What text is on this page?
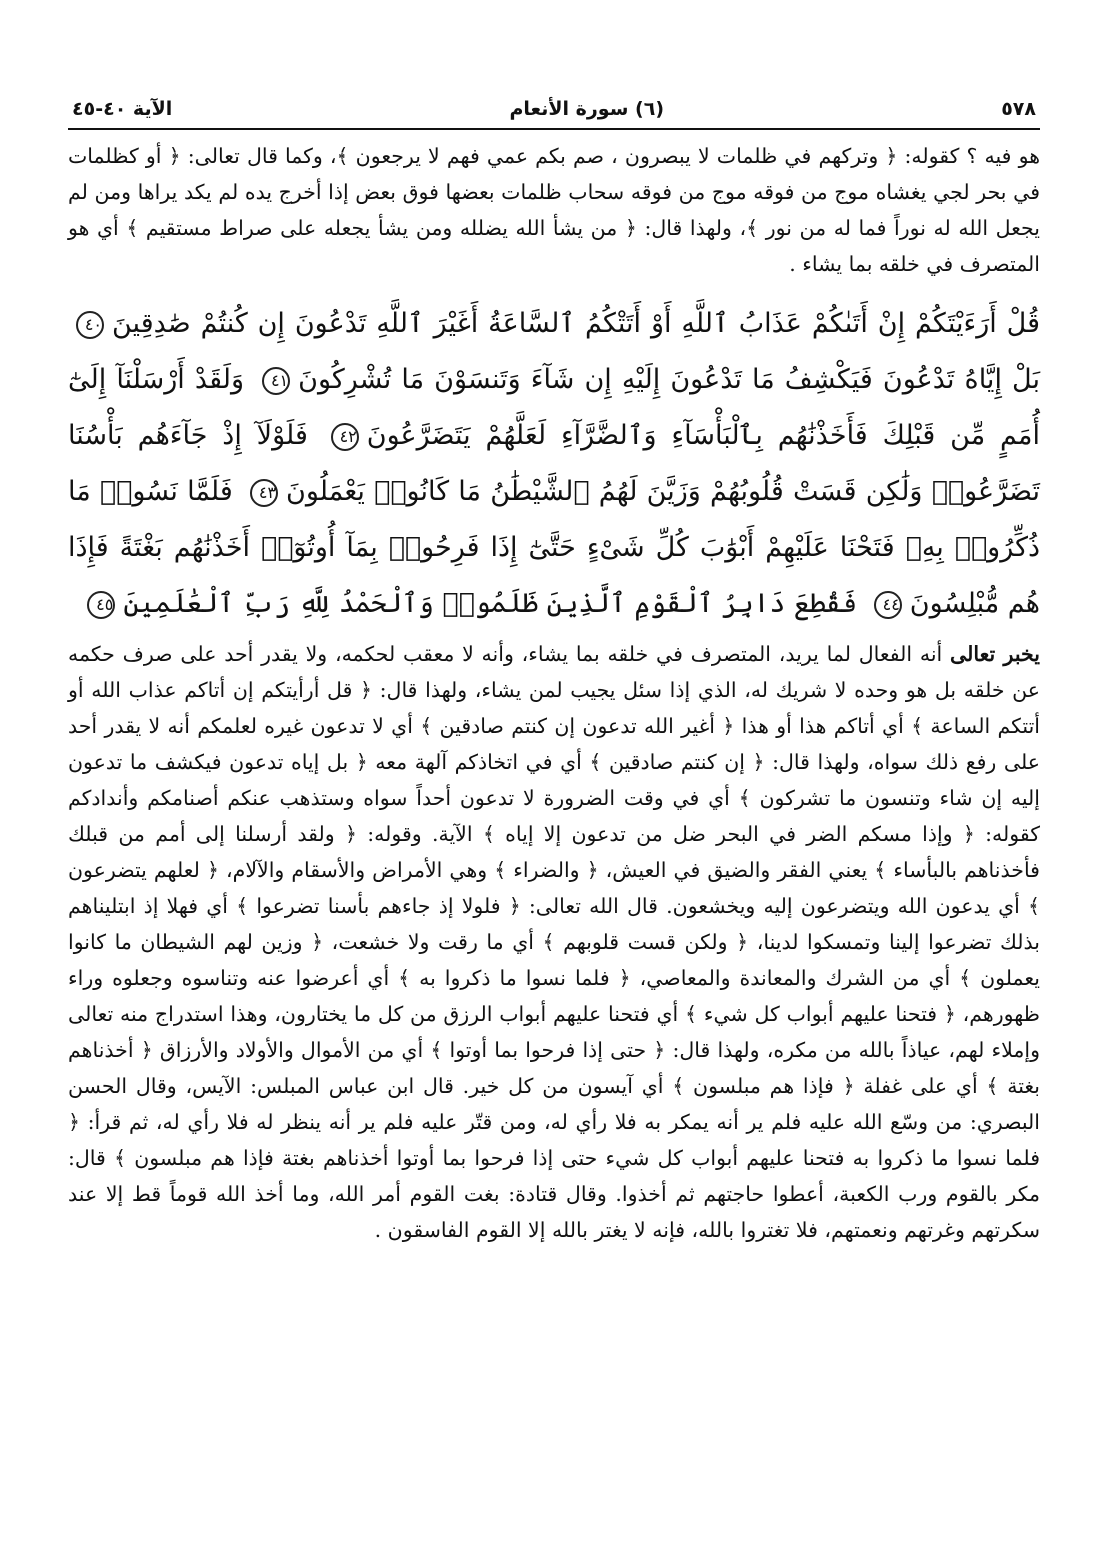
٥٧٨
(٦) سورة الأنعام
الآية ٤٠-٤٥

هو فيه ؟ كقوله: ﴿ وتركهم في ظلمات لا يبصرون ، صم بكم عمي فهم لا يرجعون ﴾، وكما قال تعالى: ﴿ أو كظلمات في بحر لجي يغشاه موج من فوقه موج من فوقه سحاب ظلمات بعضها فوق بعض إذا أخرج يده لم يكد يراها ومن لم يجعل الله له نوراً فما له من نور ﴾، ولهذا قال: ﴿ من يشأ الله يضلله ومن يشأ يجعله على صراط مستقيم ﴾ أي هو المتصرف في خلقه بما يشاء .

قُلْ أَرَءَيْتَكُمْ إِنْ أَتَىٰكُمْ عَذَابُ ٱللَّهِ أَوْ أَتَتْكُمُ ٱلسَّاعَةُ أَغَيْرَ ٱللَّهِ تَدْعُونَ إِن كُنتُمْ صَٰدِقِينَ٤٠ بَلْ إِيَّاهُ تَدْعُونَ فَيَكْشِفُ مَا تَدْعُونَ إِلَيْهِ إِن شَآءَ وَتَنسَوْنَ مَا تُشْرِكُونَ٤١ وَلَقَدْ أَرْسَلْنَآ إِلَىٰٓ أُمَمٍ مِّن قَبْلِكَ فَأَخَذْنَٰهُم بِٱلْبَأْسَآءِ وَٱلضَّرَّآءِ لَعَلَّهُمْ يَتَضَرَّعُونَ٤٢ فَلَوْلَآ إِذْ جَآءَهُم بَأْسُنَا تَضَرَّعُوا۟ وَلَٰكِن قَسَتْ قُلُوبُهُمْ وَزَيَّنَ لَهُمُ ٱلشَّيْطَٰنُ مَا كَانُوا۟ يَعْمَلُونَ٤٣ فَلَمَّا نَسُوا۟ مَا ذُكِّرُوا۟ بِهِۦ فَتَحْنَا عَلَيْهِمْ أَبْوَٰبَ كُلِّ شَىْءٍ حَتَّىٰٓ إِذَا فَرِحُوا۟ بِمَآ أُوتُوٓا۟ أَخَذْنَٰهُم بَغْتَةً فَإِذَا هُم مُّبْلِسُونَ٤٤ فَقُطِعَ دَابِرُ ٱلْقَوْمِ ٱلَّذِينَ ظَلَمُوا۟ وَٱلْحَمْدُ لِلَّهِ رَبِّ ٱلْعَٰلَمِينَ٤٥

يخبر تعالى أنه الفعال لما يريد، المتصرف في خلقه بما يشاء، وأنه لا معقب لحكمه، ولا يقدر أحد على صرف حكمه عن خلقه بل هو وحده لا شريك له، الذي إذا سئل يجيب لمن يشاء، ولهذا قال: ﴿ قل أرأيتكم إن أتاكم عذاب الله أو أتتكم الساعة ﴾ أي أتاكم هذا أو هذا ﴿ أغير الله تدعون إن كنتم صادقين ﴾ أي لا تدعون غيره لعلمكم أنه لا يقدر أحد على رفع ذلك سواه، ولهذا قال: ﴿ إن كنتم صادقين ﴾ أي في اتخاذكم آلهة معه ﴿ بل إياه تدعون فيكشف ما تدعون إليه إن شاء وتنسون ما تشركون ﴾ أي في وقت الضرورة لا تدعون أحداً سواه وستذهب عنكم أصنامكم وأندادكم كقوله: ﴿ وإذا مسكم الضر في البحر ضل من تدعون إلا إياه ﴾ الآية. وقوله: ﴿ ولقد أرسلنا إلى أمم من قبلك فأخذناهم بالبأساء ﴾ يعني الفقر والضيق في العيش، ﴿ والضراء ﴾ وهي الأمراض والأسقام والآلام، ﴿ لعلهم يتضرعون ﴾ أي يدعون الله ويتضرعون إليه ويخشعون. قال الله تعالى: ﴿ فلولا إذ جاءهم بأسنا تضرعوا ﴾ أي فهلا إذ ابتليناهم بذلك تضرعوا إلينا وتمسكوا لدينا، ﴿ ولكن قست قلوبهم ﴾ أي ما رقت ولا خشعت، ﴿ وزين لهم الشيطان ما كانوا يعملون ﴾ أي من الشرك والمعاندة والمعاصي، ﴿ فلما نسوا ما ذكروا به ﴾ أي أعرضوا عنه وتناسوه وجعلوه وراء ظهورهم، ﴿ فتحنا عليهم أبواب كل شيء ﴾ أي فتحنا عليهم أبواب الرزق من كل ما يختارون، وهذا استدراج منه تعالى وإملاء لهم، عياذاً بالله من مكره، ولهذا قال: ﴿ حتى إذا فرحوا بما أوتوا ﴾ أي من الأموال والأولاد والأرزاق ﴿ أخذناهم بغتة ﴾ أي على غفلة ﴿ فإذا هم مبلسون ﴾ أي آيسون من كل خير. قال ابن عباس المبلس: الآيس، وقال الحسن البصري: من وسّع الله عليه فلم ير أنه يمكر به فلا رأي له، ومن قتّر عليه فلم ير أنه ينظر له فلا رأي له، ثم قرأ: ﴿ فلما نسوا ما ذكروا به فتحنا عليهم أبواب كل شيء حتى إذا فرحوا بما أوتوا أخذناهم بغتة فإذا هم مبلسون ﴾ قال: مكر بالقوم ورب الكعبة، أعطوا حاجتهم ثم أخذوا. وقال قتادة: بغت القوم أمر الله، وما أخذ الله قوماً قط إلا عند سكرتهم وغرتهم ونعمتهم، فلا تغتروا بالله، فإنه لا يغتر بالله إلا القوم الفاسقون .
